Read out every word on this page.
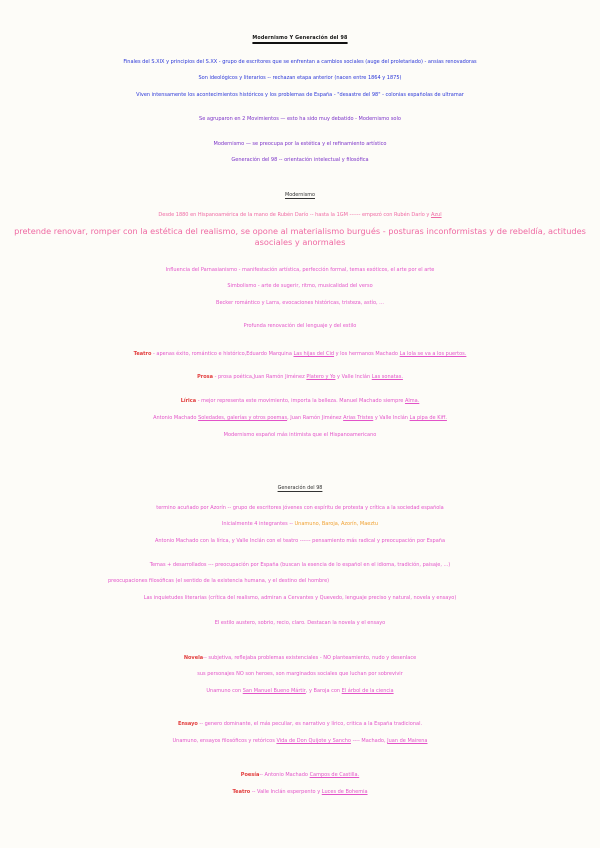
Modernismo Y Generación del 98
Finales del S.XIX y principios del S.XX - grupo de escritores que se enfrentan a cambios sociales (auge del proletariado) - ansias renovadoras
Son ideológicos y literarios -- rechazan etapa anterior (nacen entre 1864 y 1875)
Viven intensamente los acontecimientos históricos y los problemas de España - "desastre del 98" - colonias españolas de ultramar
Se agruparon en 2 Movimientos — esto ha sido muy debatido - Modernismo solo
Modernismo — se preocupa por la estética y el refinamiento artístico
Generación del 98 -- orientación intelectual y filosófica
Modernismo
Desde 1880 en Hispanoamérica de la mano de Rubén Darío -- hasta la 1GM ------ empezó con Rubén Darío y Azul
pretende renovar, romper con la estética del realismo, se opone al materialismo burgués - posturas inconformistas y de rebeldía, actitudes asociales y anormales
Influencia del Parnasianismo - manifestación artística, perfección formal, temas exóticos, el arte por el arte
Simbolismo - arte de sugerir, ritmo, musicalidad del verso
Becker romántico y Larra, evocaciones históricas, tristeza, astío, ...
Profunda renovación del lenguaje y del estilo
Teatro - apenas éxito, romántico e histórico,Eduardo Marquina Las hijas del Cid y los hermanos Machado La lola se va a los puertos.
Prosa - prosa poética,Juan Ramón Jiménez Platero y Yo y Valle Inclán Las sonatas.
Lírica - mejor representa este movimiento, importa la belleza. Manuel Machado siempre Alma.
Antonio Machado Soledades, galerías y otros poemas, Juan Ramón Jiménez Arias Tristes y Valle Inclán La pipa de Kiff.
Modernismo español más intimista que el Hispanoamericano
Generación del 98
termino acuñado por Azorín -- grupo de escritores jóvenes con espíritu de protesta y crítica a la sociedad española
Inicialmente 4 integrantes -- Unamuno, Baroja, Azorín, Maeztu
Antonio Machado con la lírica, y Valle Inclán con el teatro ------ pensamiento más radical y preocupación por España
Temas + desarrollados --- preocupación por España (buscan la esencia de lo español en el idioma, tradición, paisaje, ...)
preocupaciones filosóficas (el sentido de la existencia humana, y el destino del hombre)
Las inquietudes literarias (crítica del realismo, admiran a Cervantes y Quevedo, lenguaje preciso y natural, novela y ensayo)
El estilo austero, sobrio, recio, claro. Destacan la novela y el ensayo
Novela-- subjetiva, reflejaba problemas existenciales - NO planteamiento, nudo y desenlace
sus personajes NO son heroes, son marginados sociales que luchan por sobrevivir
Unamuno con San Manuel Bueno Mártir, y Baroja con El árbol de la ciencia
Ensayo -- genero dominante, el más peculiar, es narrativo y lírico, critica a la España tradicional.
Unamuno, ensayos filosóficos y retóricos Vida de Don Quijote y Sancho ---- Machado, Juan de Mairena
Poesía-- Antonio Machado Campos de Castilla.
Teatro -- Valle Inclán esperpento y Luces de Bohemia
